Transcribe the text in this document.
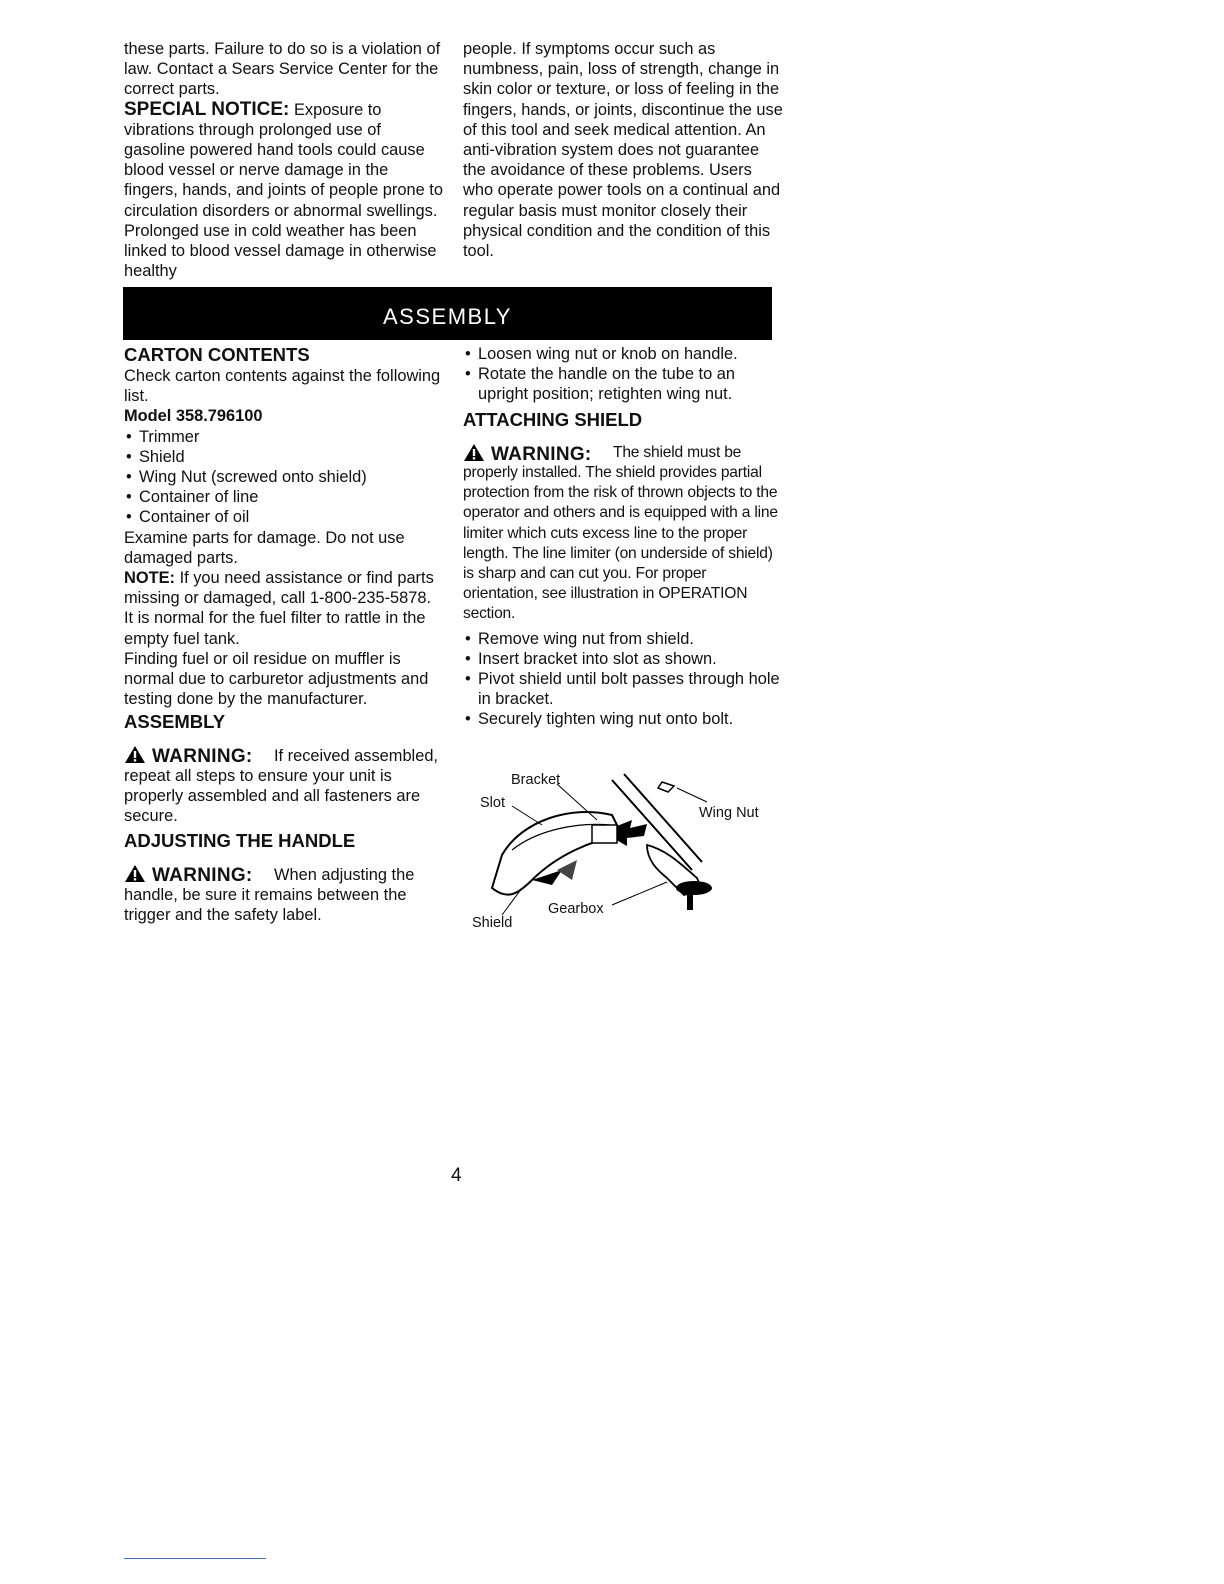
these parts. Failure to do so is a violation of law. Contact a Sears Service Center for the correct parts.

SPECIAL NOTICE: Exposure to vibrations through prolonged use of gasoline powered hand tools could cause blood vessel or nerve damage in the fingers, hands, and joints of people prone to circulation disorders or abnormal swellings. Prolonged use in cold weather has been linked to blood vessel damage in otherwise healthy

people. If symptoms occur such as numbness, pain, loss of strength, change in skin color or texture, or loss of feeling in the fingers, hands, or joints, discontinue the use of this tool and seek medical attention. An anti-vibration system does not guarantee the avoidance of these problems. Users who operate power tools on a continual and regular basis must monitor closely their physical condition and the condition of this tool.

ASSEMBLY

CARTON CONTENTS

Check carton contents against the following list.

Model 358.796100

• Trimmer
• Shield
• Wing Nut (screwed onto shield)
• Container of line
• Container of oil

Examine parts for damage. Do not use damaged parts.

NOTE: If you need assistance or find parts missing or damaged, call 1-800-235-5878.

It is normal for the fuel filter to rattle in the empty fuel tank.

Finding fuel or oil residue on muffler is normal due to carburetor adjustments and testing done by the manufacturer.

ASSEMBLY

WARNING:	If received assembled, repeat all steps to ensure your unit is properly assembled and all fasteners are secure.

ADJUSTING THE HANDLE

WARNING:	When adjusting the handle, be sure it remains between the trigger and the safety label.

• Loosen wing nut or knob on handle.
• Rotate the handle on the tube to an upright position; retighten wing nut.

ATTACHING SHIELD

WARNING:	The shield must be properly installed. The shield provides partial protection from the risk of thrown objects to the operator and others and is equipped with a line limiter which cuts excess line to the proper length. The line limiter (on underside of shield) is sharp and can cut you. For proper orientation, see illustration in OPERATION section.

• Remove wing nut from shield.
• Insert bracket into slot as shown.
• Pivot shield until bolt passes through hole in bracket.
• Securely tighten wing nut onto bolt.
Bracket
Slot
Wing Nut
Gearbox
Shield
4
